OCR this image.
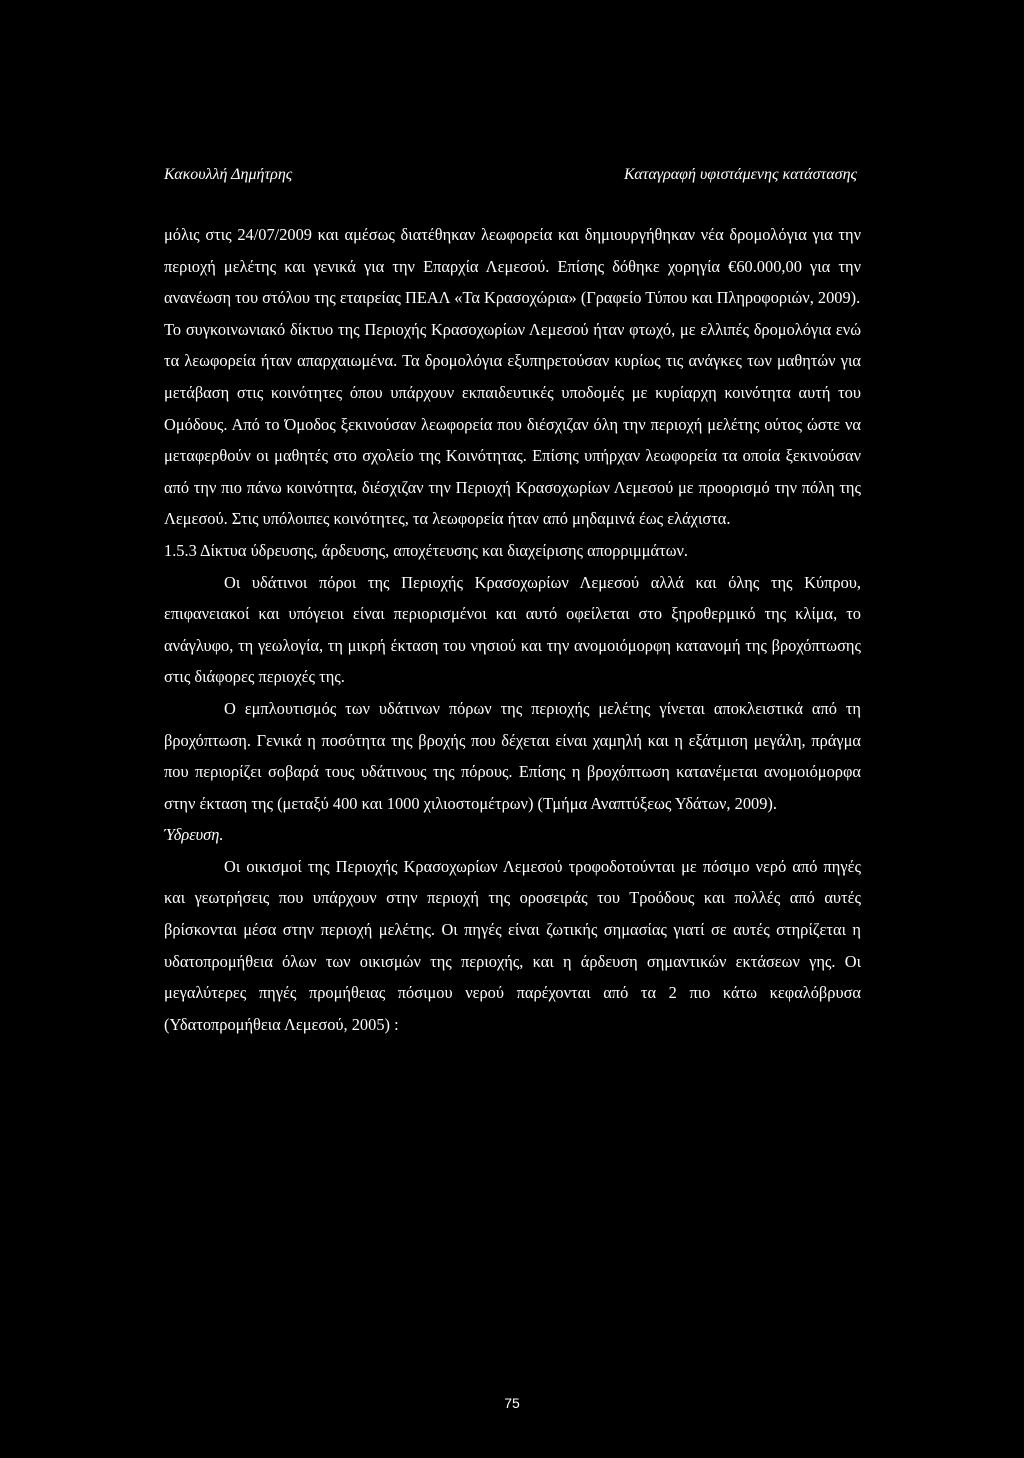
Κακουλλή Δημήτρης	Καταγραφή υφιστάμενης κατάστασης

μόλις στις 24/07/2009 και αμέσως διατέθηκαν λεωφορεία και δημιουργήθηκαν νέα δρομολόγια για την περιοχή μελέτης και γενικά για την Επαρχία Λεμεσού. Επίσης δόθηκε χορηγία €60.000,00 για την ανανέωση του στόλου της εταιρείας ΠΕΑΛ «Τα Κρασοχώρια» (Γραφείο Τύπου και Πληροφοριών, 2009).

Το συγκοινωνιακό δίκτυο της Περιοχής Κρασοχωρίων Λεμεσού ήταν φτωχό, με ελλιπές δρομολόγια ενώ τα λεωφορεία ήταν απαρχαιωμένα. Τα δρομολόγια εξυπηρετούσαν κυρίως τις ανάγκες των μαθητών για μετάβαση στις κοινότητες όπου υπάρχουν εκπαιδευτικές υποδομές με κυρίαρχη κοινότητα αυτή του Ομόδους. Από το Όμοδος ξεκινούσαν λεωφορεία που διέσχιζαν όλη την περιοχή μελέτης ούτος ώστε να μεταφερθούν οι μαθητές στο σχολείο της Κοινότητας. Επίσης υπήρχαν λεωφορεία τα οποία ξεκινούσαν από την πιο πάνω κοινότητα, διέσχιζαν την Περιοχή Κρασοχωρίων Λεμεσού με προορισμό την πόλη της Λεμεσού. Στις υπόλοιπες κοινότητες, τα λεωφορεία ήταν από μηδαμινά έως ελάχιστα.

1.5.3 Δίκτυα ύδρευσης, άρδευσης, αποχέτευσης και διαχείρισης απορριμμάτων.

Οι υδάτινοι πόροι της Περιοχής Κρασοχωρίων Λεμεσού αλλά και όλης της Κύπρου, επιφανειακοί και υπόγειοι είναι περιορισμένοι και αυτό οφείλεται στο ξηροθερμικό της κλίμα, το ανάγλυφο, τη γεωλογία, τη μικρή έκταση του νησιού και την ανομοιόμορφη κατανομή της βροχόπτωσης στις διάφορες περιοχές της.

Ο εμπλουτισμός των υδάτινων πόρων της περιοχής μελέτης γίνεται αποκλειστικά από τη βροχόπτωση. Γενικά η ποσότητα της βροχής που δέχεται είναι χαμηλή και η εξάτμιση μεγάλη, πράγμα που περιορίζει σοβαρά τους υδάτινους της πόρους. Επίσης η βροχόπτωση κατανέμεται ανομοιόμορφα στην έκταση της (μεταξύ 400 και 1000 χιλιοστομέτρων) (Τμήμα Αναπτύξεως Υδάτων, 2009).

Ύδρευση.

Οι οικισμοί της Περιοχής Κρασοχωρίων Λεμεσού τροφοδοτούνται με πόσιμο νερό από πηγές και γεωτρήσεις που υπάρχουν στην περιοχή της οροσειράς του Τροόδους και πολλές από αυτές βρίσκονται μέσα στην περιοχή μελέτης. Οι πηγές είναι ζωτικής σημασίας γιατί σε αυτές στηρίζεται η υδατοπρομήθεια όλων των οικισμών της περιοχής, και η άρδευση σημαντικών εκτάσεων γης. Οι μεγαλύτερες πηγές προμήθειας πόσιμου νερού παρέχονται από τα 2 πιο κάτω κεφαλόβρυσα (Υδατοπρομήθεια Λεμεσού, 2005) :

75
